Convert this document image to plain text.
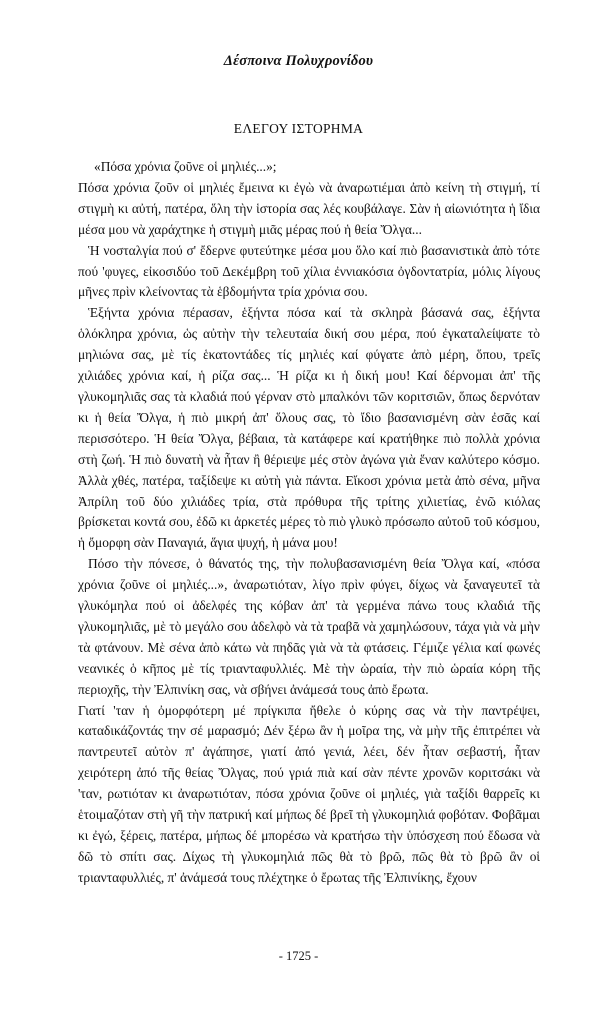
Δέσποινα Πολυχρονίδου
ΕΛΕΓΟΥ ΙΣΤΟΡΗΜΑ

«Πόσα χρόνια ζοῦνε οἱ μηλιές...»;

Πόσα χρόνια ζοῦν οἱ μηλιές ἔμεινα κι ἐγὼ νὰ ἀναρωτιέμαι ἀπὸ κείνη τὴ στιγμή, τί στιγμὴ κι αὐτή, πατέρα, ὅλη τὴν ἱστορία σας λές κουβάλαγε. Σὰν ἡ αἰωνιότητα ἡ ἴδια μέσα μου νὰ χαράχτηκε ἡ στιγμὴ μιᾶς μέρας πού ἡ θεία Ὄλγα...

Ἡ νοσταλγία πού σ' ἔδερνε φυτεύτηκε μέσα μου ὅλο καί πιὸ βασανιστικὰ ἀπὸ τότε πού 'φυγες, εἰκοσιδύο τοῦ Δεκέμβρη τοῦ χίλια ἐννιακόσια ὀγδοντατρία, μόλις λίγους μῆνες πρὶν κλείνοντας τὰ ἑβδομήντα τρία χρόνια σου.

Ἑξήντα χρόνια πέρασαν, ἑξήντα πόσα καί τὰ σκληρὰ βάσανά σας, ἑξήντα ὁλόκληρα χρόνια, ὡς αὐτὴν τὴν τελευταία δική σου μέρα, πού ἐγκαταλείψατε τὸ μηλιώνα σας, μὲ τίς ἑκατοντάδες τίς μηλιές καί φύγατε ἀπὸ μέρη, ὅπου, τρεῖς χιλιάδες χρόνια καί, ἡ ρίζα σας... Ἡ ρίζα κι ἡ δική μου! Καί δέρνομαι ἀπ' τῆς γλυκομηλιᾶς σας τὰ κλαδιά πού γέρναν στὸ μπαλκόνι τῶν κοριτσιῶν, ὅπως δερνόταν κι ἡ θεία Ὄλγα, ἡ πιὸ μικρή ἀπ' ὅλους σας, τὸ ἴδιο βασανισμένη σὰν ἐσᾶς καί περισσότερο. Ἡ θεία Ὄλγα, βέβαια, τὰ κατάφερε καί κρατήθηκε πιὸ πολλὰ χρόνια στὴ ζωή. Ἡ πιὸ δυνατὴ νὰ ἦταν ἢ θέριεψε μές στὸν ἀγώνα γιὰ ἕναν καλύτερο κόσμο. Ἀλλὰ χθές, πατέρα, ταξίδεψε κι αὐτὴ γιὰ πάντα. Εἴκοσι χρόνια μετὰ ἀπὸ σένα, μῆνα Ἀπρίλη τοῦ δύο χιλιάδες τρία, στὰ πρόθυρα τῆς τρίτης χιλιετίας, ἐνῶ κιόλας βρίσκεται κοντά σου, ἐδῶ κι ἀρκετές μέρες τὸ πιὸ γλυκὸ πρόσωπο αὐτοῦ τοῦ κόσμου, ἡ ὄμορφη σὰν Παναγιά, ἅγια ψυχή, ἡ μάνα μου!

Πόσο τὴν πόνεσε, ὁ θάνατός της, τὴν πολυβασανισμένη θεία Ὄλγα καί, «πόσα χρόνια ζοῦνε οἱ μηλιές...», ἀναρωτιόταν, λίγο πρὶν φύγει, δίχως νὰ ξαναγευτεῖ τὰ γλυκόμηλα πού οἱ ἀδελφές της κόβαν ἀπ' τὰ γερμένα πάνω τους κλαδιά τῆς γλυκομηλιᾶς, μὲ τὸ μεγάλο σου ἀδελφὸ νὰ τὰ τραβᾶ νὰ χαμηλώσουν, τάχα γιὰ νὰ μὴν τὰ φτάνουν. Μὲ σένα ἀπὸ κάτω νὰ πηδᾶς γιὰ νὰ τὰ φτάσεις. Γέμιζε γέλια καί φωνές νεανικές ὁ κῆπος μὲ τίς τριανταφυλλιές. Μὲ τὴν ὡραία, τὴν πιὸ ὡραία κόρη τῆς περιοχῆς, τὴν Ἐλπινίκη σας, νὰ σβήνει ἀνάμεσά τους ἀπὸ ἔρωτα.

Γιατί 'ταν ἡ ὀμορφότερη μέ πρίγκιπα ἤθελε ὁ κύρης σας νὰ τὴν παντρέψει, καταδικάζοντάς την σέ μαρασμό; Δέν ξέρω ἂν ἡ μοῖρα της, νὰ μὴν τῆς ἐπιτρέπει νὰ παντρευτεῖ αὐτὸν π' ἀγάπησε, γιατί ἀπό γενιά, λέει, δέν ἦταν σεβαστή, ἦταν χειρότερη ἀπό τῆς θείας Ὄλγας, πού γριά πιὰ καί σὰν πέντε χρονῶν κοριτσάκι νὰ 'ταν, ρωτιόταν κι ἀναρωτιόταν, πόσα χρόνια ζοῦνε οἱ μηλιές, γιὰ ταξίδι θαρρεῖς κι ἑτοιμαζόταν στὴ γῆ τὴν πατρική καί μήπως δέ βρεῖ τὴ γλυκομηλιά φοβόταν. Φοβᾶμαι κι ἐγώ, ξέρεις, πατέρα, μήπως δέ μπορέσω νὰ κρατήσω τὴν ὑπόσχεση πού ἔδωσα νὰ δῶ τὸ σπίτι σας. Δίχως τὴ γλυκομηλιά πῶς θὰ τὸ βρῶ, πῶς θὰ τὸ βρῶ ἂν οἱ τριανταφυλλιές, π' ἀνάμεσά τους πλέχτηκε ὁ ἔρωτας τῆς Ἐλπινίκης, ἔχουν

- 1725 -
